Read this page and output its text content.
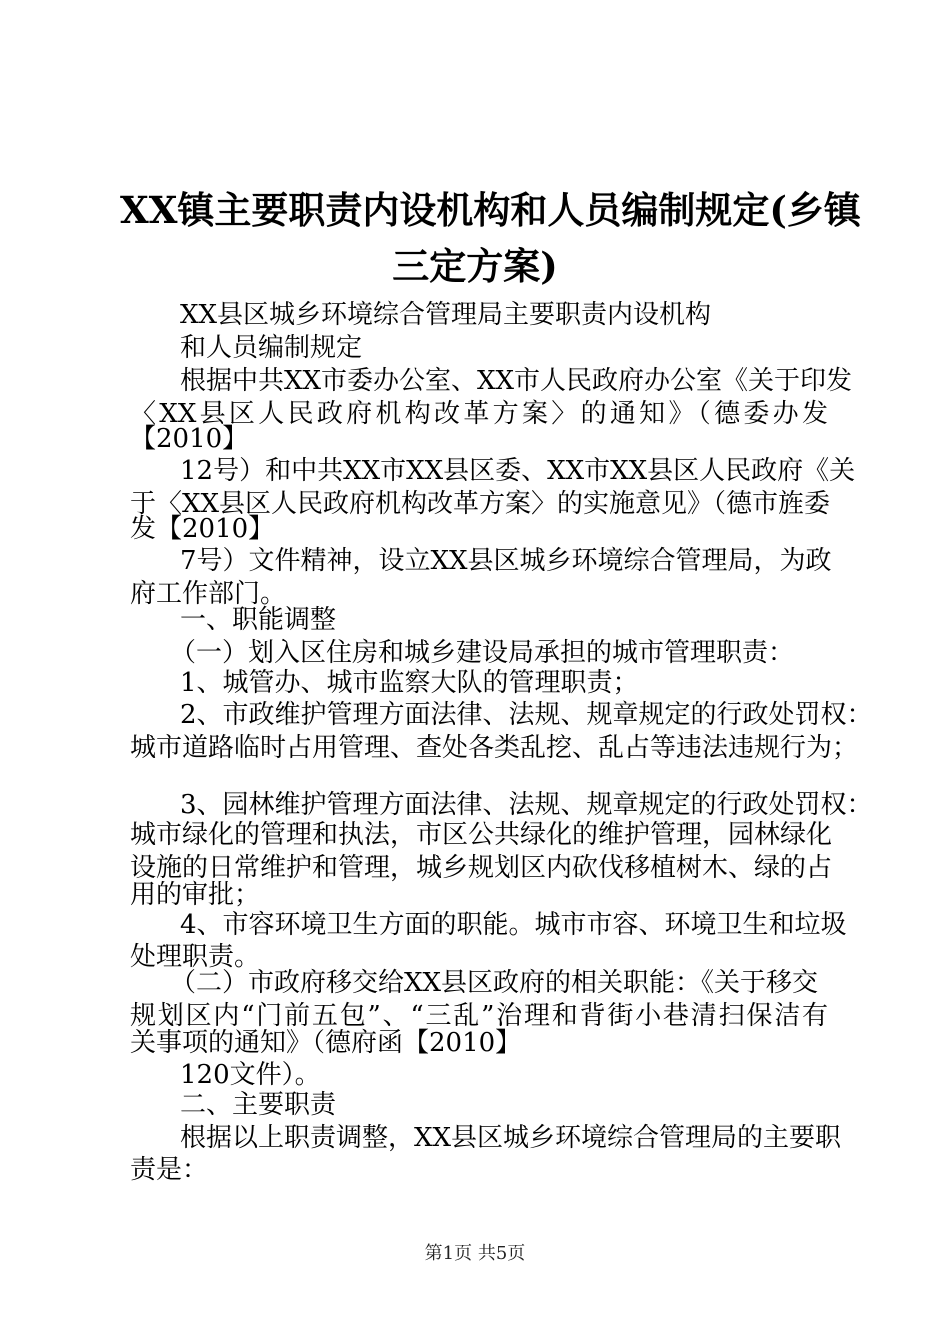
XX镇主要职责内设机构和人员编制规定(乡镇
三定方案)
XX县区城乡环境综合管理局主要职责内设机构
和人员编制规定
根据中共XX市委办公室、XX市人民政府办公室《关于印发
〈XX县区人民政府机构改革方案〉的通知》（德委办发
【2010】
12号）和中共XX市XX县区委、XX市XX县区人民政府《关
于〈XX县区人民政府机构改革方案〉的实施意见》（德市旌委
发【2010】
7号）文件精神，设立XX县区城乡环境综合管理局，为政
府工作部门。
一、职能调整
（一）划入区住房和城乡建设局承担的城市管理职责：
1、城管办、城市监察大队的管理职责；
2、市政维护管理方面法律、法规、规章规定的行政处罚权：
城市道路临时占用管理、查处各类乱挖、乱占等违法违规行为；
3、园林维护管理方面法律、法规、规章规定的行政处罚权：
城市绿化的管理和执法，市区公共绿化的维护管理，园林绿化
设施的日常维护和管理，城乡规划区内砍伐移植树木、绿的占
用的审批；
4、市容环境卫生方面的职能。城市市容、环境卫生和垃圾
处理职责。
（二）市政府移交给XX县区政府的相关职能：《关于移交
规划区内“门前五包”、“三乱”治理和背街小巷清扫保洁有
关事项的通知》（德府函【2010】
120文件）。
二、主要职责
根据以上职责调整，XX县区城乡环境综合管理局的主要职
责是：
第1页 共5页
